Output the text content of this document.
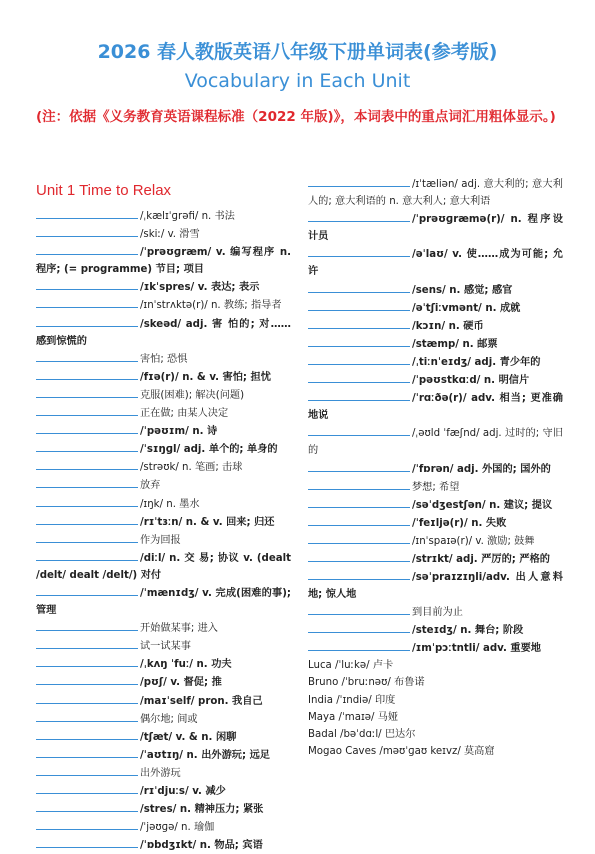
2026 春人教版英语八年级下册单词表(参考版)
Vocabulary in Each Unit
(注：依据《义务教育英语课程标准（2022 年版)》，本词表中的重点词汇用粗体显示。)
Unit 1 Time to Relax
/ˌkælɪˈɡrəfi/ n. 书法
/skiː/ v. 滑雪
/ˈprəʊɡræm/ v. 编写程序 n. 程序; (= programme) 节目; 项目
/ɪkˈspres/ v. 表达; 表示
/ɪnˈstrʌktə(r)/ n. 教练; 指导者
/skeəd/ adj. 害 怕的; 对……感到惊慌的
害怕; 恐惧
/fɪə(r)/ n. & v. 害怕; 担忧
克服(困难); 解决(问题)
正在做; 由某人决定
/ˈpəʊɪm/ n. 诗
/ˈsɪŋɡl/ adj. 单个的; 单身的
/strəʊk/ n. 笔画; 击球
放弃
/ɪŋk/ n. 墨水
/rɪˈtɜːn/ n. & v. 回来; 归还
作为回报
/diːl/ n. 交 易; 协议 v. (dealt /delt/ dealt /delt/) 对付
/ˈmænɪdʒ/ v. 完成(困难的事); 管理
开始做某事; 进入
试一试某事
/ˌkʌŋ ˈfuː/ n. 功夫
/pʊʃ/ v. 督促; 推
/maɪˈself/ pron. 我自己
偶尔地; 间或
/tʃæt/ v. & n. 闲聊
/ˈaʊtɪŋ/ n. 出外游玩; 远足
出外游玩
/rɪˈdjuːs/ v. 减少
/stres/ n. 精神压力; 紧张
/ˈjəʊɡə/ n. 瑜伽
/ˈɒbdʒɪkt/ n. 物品; 宾语
/ɪˈtæliən/ adj. 意大利的; 意大利人的; 意大利语的 n. 意大利人; 意大利语
/ˈprəʊɡræmə(r)/ n. 程序设计员
/əˈlaʊ/ v. 使……成为可能; 允许
/sens/ n. 感觉; 感官
/əˈtʃiːvmənt/ n. 成就
/kɔɪn/ n. 硬币
/stæmp/ n. 邮票
/ˌtiːnˈeɪdʒ/ adj. 青少年的
/ˈpəʊstkɑːd/ n. 明信片
/ˈrɑːðə(r)/ adv. 相当; 更准确地说
/ˌəʊld ˈfæʃnd/ adj. 过时的; 守旧的
/ˈfɒrən/ adj. 外国的; 国外的
梦想; 希望
/səˈdʒestʃən/ n. 建议; 提议
/ˈfeɪljə(r)/ n. 失败
/ɪnˈspaɪə(r)/ v. 激励; 鼓舞
/strɪkt/ adj. 严厉的; 严格的
/səˈpraɪzɪŋli/adv. 出人意料地; 惊人地
到目前为止
/steɪdʒ/ n. 舞台; 阶段
/ɪmˈpɔːtntli/ adv. 重要地
Luca /ˈluːkə/ 卢卡
Bruno /ˈbruːnəʊ/ 布鲁诺
India /ˈɪndiə/ 印度
Maya /ˈmaɪə/ 马娅
Badal /bəˈdɑːl/ 巴达尔
Mogao Caves /məʊˈɡaʊ keɪvz/ 莫高窟
